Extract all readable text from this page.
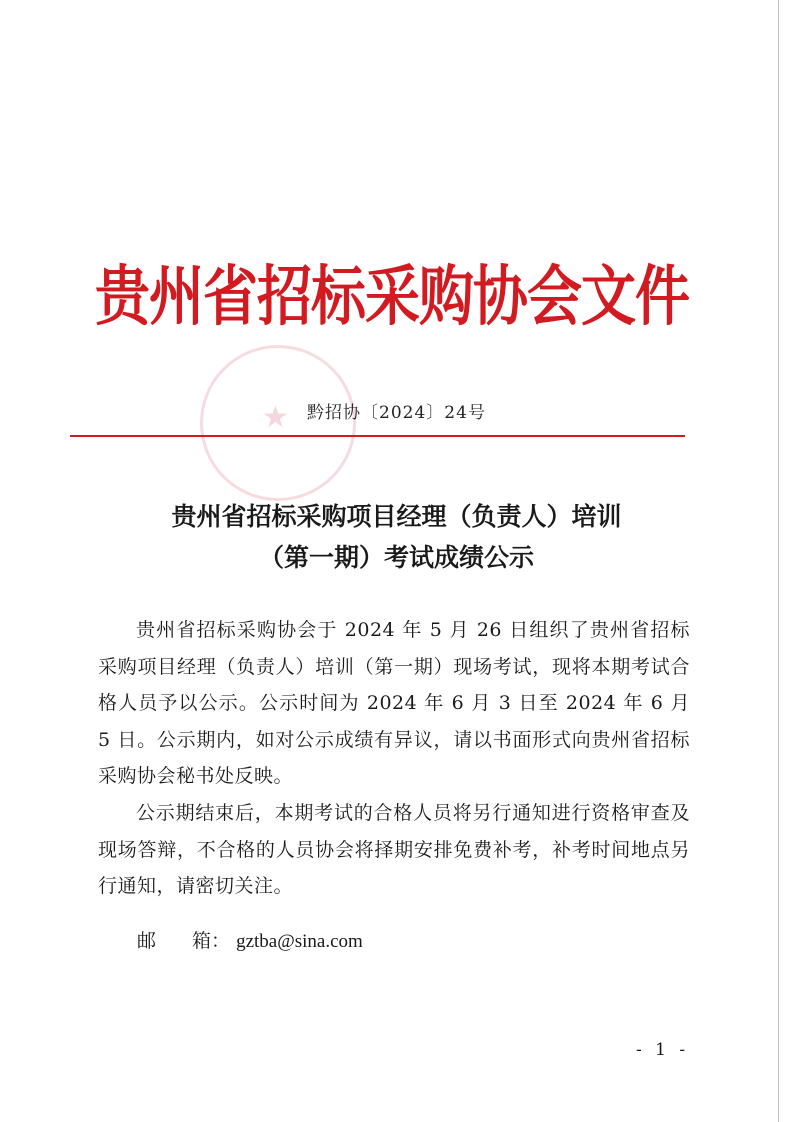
★
贵州省招标采购协会文件
黔招协〔2024〕24号
贵州省招标采购项目经理（负责人）培训
（第一期）考试成绩公示

贵州省招标采购协会于 2024 年 5 月 26 日组织了贵州省招标采购项目经理（负责人）培训（第一期）现场考试，现将本期考试合格人员予以公示。公示时间为 2024 年 6 月 3 日至 2024 年 6 月 5 日。公示期内，如对公示成绩有异议，请以书面形式向贵州省招标采购协会秘书处反映。

公示期结束后，本期考试的合格人员将另行通知进行资格审查及现场答辩，不合格的人员协会将择期安排免费补考，补考时间地点另行通知，请密切关注。

邮 箱： gztba@sina.com
- 1 -
